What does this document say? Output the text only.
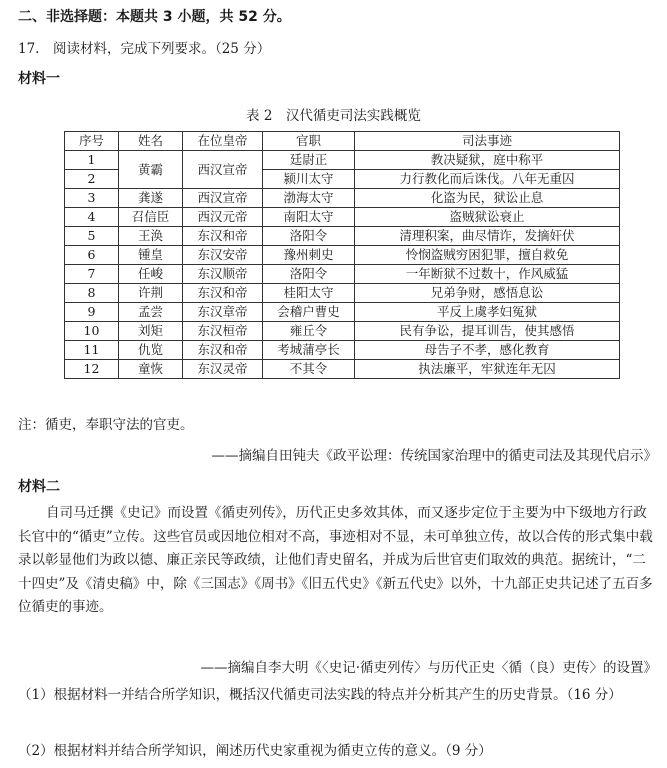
二、非选择题：本题共 3 小题，共 52 分。
17.　阅读材料，完成下列要求。（25 分）
材料一
表 2　汉代循吏司法实践概览
序号	姓名	在位皇帝	官职	司法事迹
1	黄霸	西汉宣帝	廷尉正	教决疑狱，庭中称平
2			颍川太守	力行教化而后诛伐。八年无重囚
3	龚遂	西汉宣帝	渤海太守	化盗为民，狱讼止息
4	召信臣	西汉元帝	南阳太守	盗贼狱讼衰止
5	王涣	东汉和帝	洛阳令	清理积案，曲尽情诈，发摘奸伏
6	锺皇	东汉安帝	豫州刺史	怜悯盗贼穷困犯罪，擅自救免
7	任峻	东汉顺帝	洛阳令	一年断狱不过数十，作风威猛
8	许荆	东汉和帝	桂阳太守	兄弟争财，感悟息讼
9	孟尝	东汉章帝	会稽户曹史	平反上虞孝妇冤狱
10	刘矩	东汉桓帝	雍丘令	民有争讼，提耳训告，使其感悟
11	仇览	东汉和帝	考城蒲亭长	母告子不孝，感化教育
12	童恢	东汉灵帝	不其令	执法廉平，牢狱连年无囚
注：循吏，奉职守法的官吏。
——摘编自田钝夫《政平讼理：传统国家治理中的循吏司法及其现代启示》
材料二
自司马迁撰《史记》而设置《循吏列传》，历代正史多效其体，而又逐步定位于主要为中下级地方行政长官中的“循吏”立传。这些官员或因地位相对不高，事迹相对不显，未可单独立传，故以合传的形式集中载录以彰显他们为政以德、廉正亲民等政绩，让他们青史留名，并成为后世官吏们取效的典范。据统计，“二十四史”及《清史稿》中，除《三国志》《周书》《旧五代史》《新五代史》以外，十九部正史共记述了五百多位循吏的事迹。
——摘编自李大明《〈史记·循吏列传〉与历代正史〈循（良）吏传〉的设置》
（1）根据材料一并结合所学知识，概括汉代循吏司法实践的特点并分析其产生的历史背景。（16 分）
（2）根据材料并结合所学知识，阐述历代史家重视为循吏立传的意义。（9 分）
